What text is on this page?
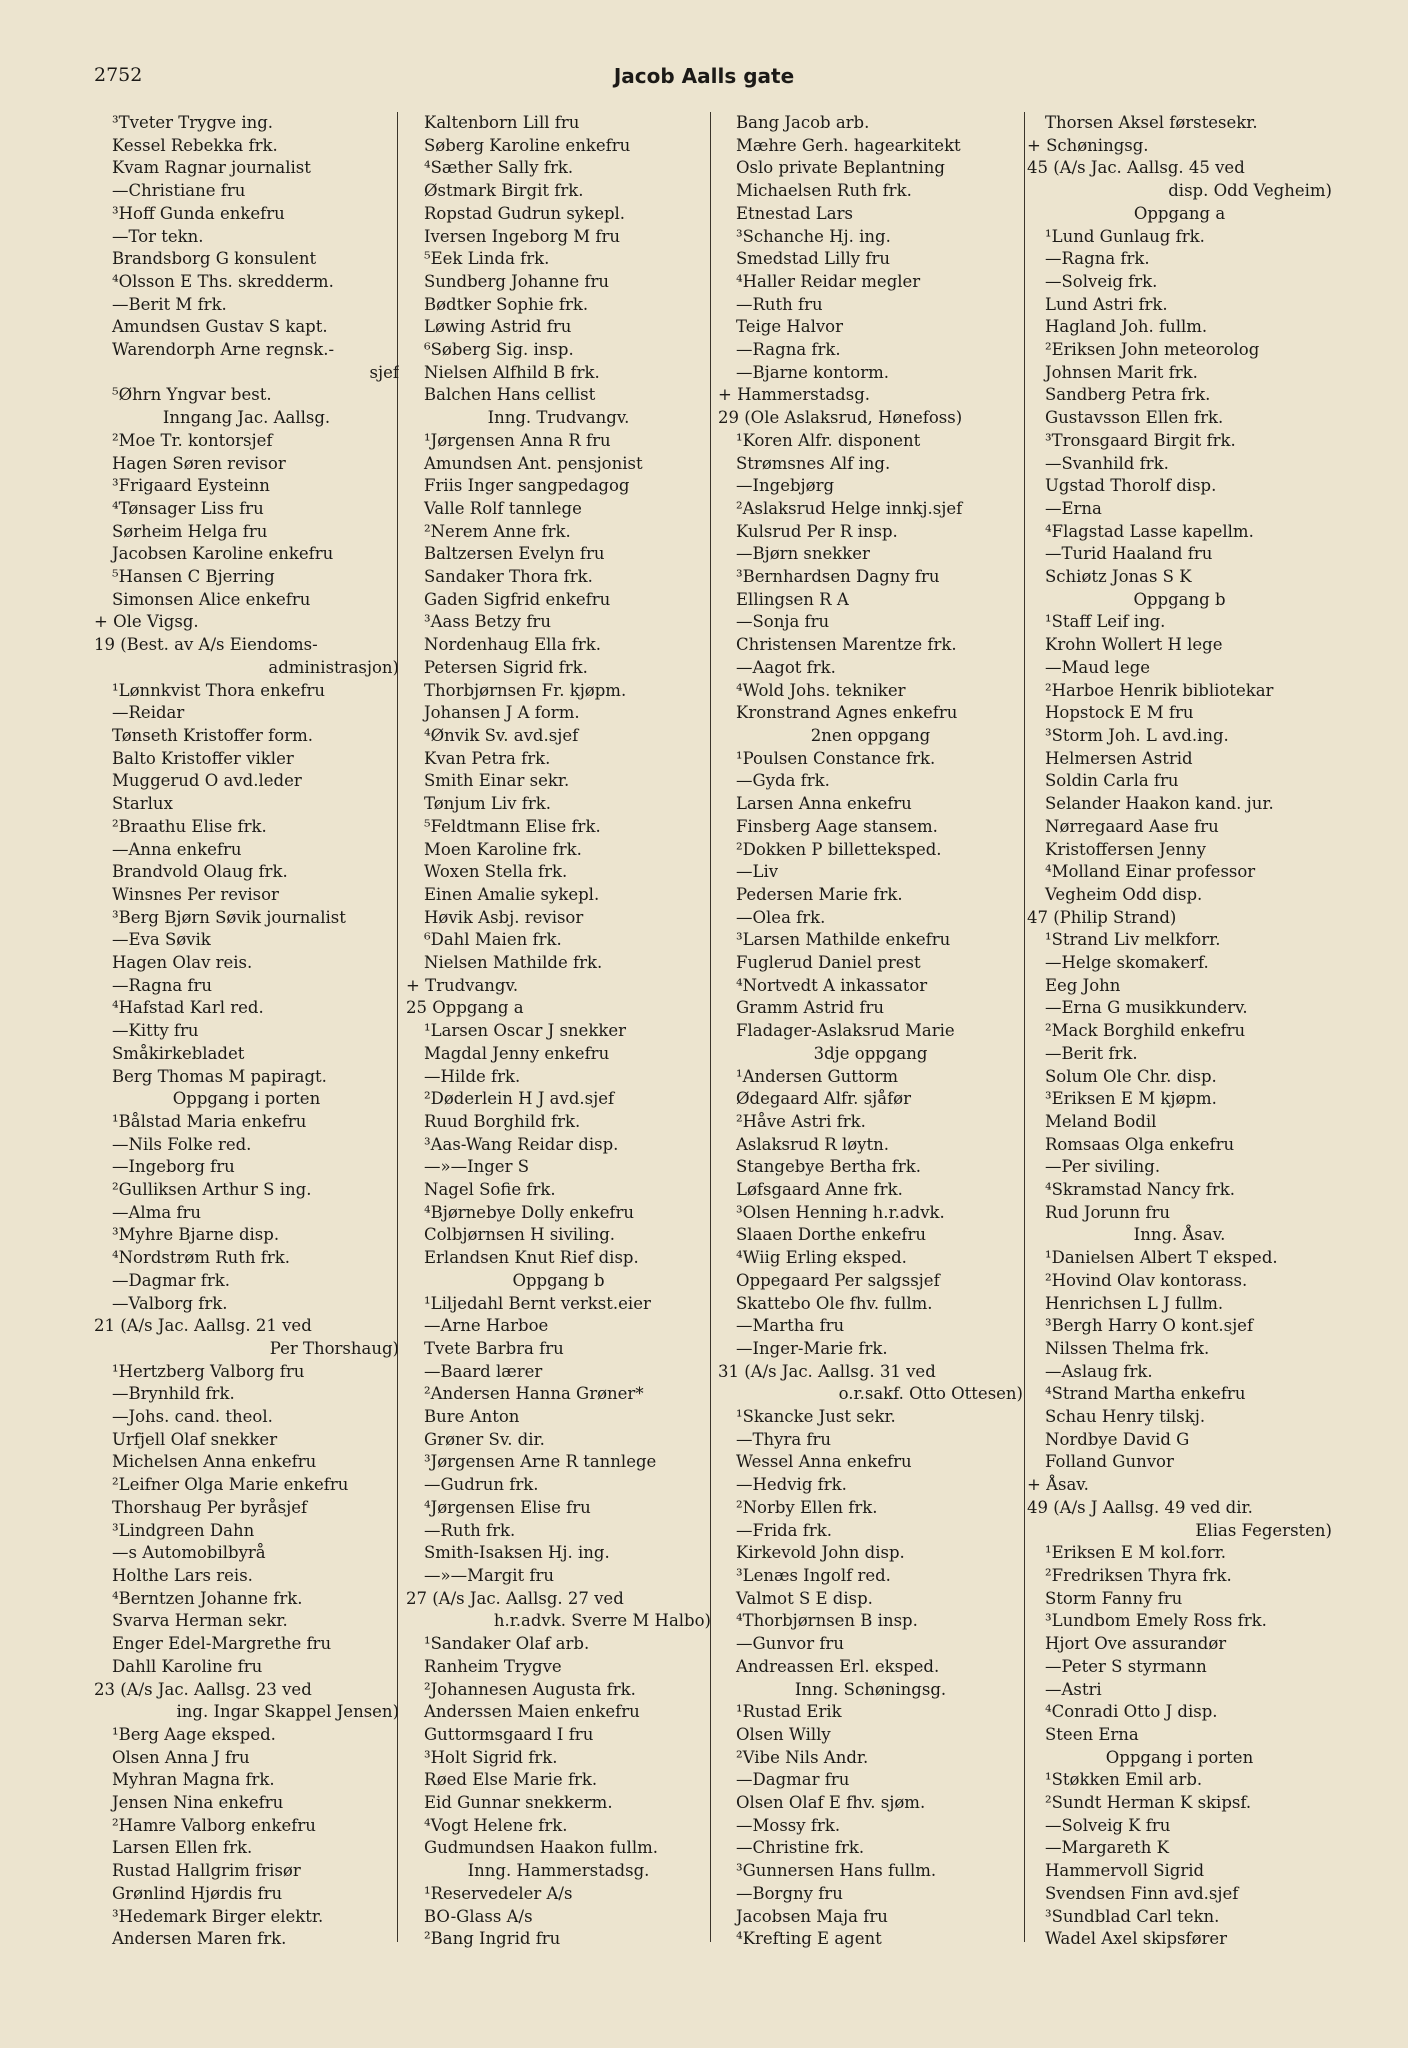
2752	Jacob Aalls gate
³Tveter Trygve ing.
Kessel Rebekka frk.
Kvam Ragnar journalist
—Christiane fru
³Hoff Gunda enkefru
—Tor tekn.
Brandsborg G konsulent
⁴Olsson E Ths. skredderm.
—Berit M frk.
Amundsen Gustav S kapt.
Warendorph Arne regnsk.-
sjef
⁵Øhrn Yngvar best.
Inngang Jac. Aallsg.
²Moe Tr. kontorsjef
Hagen Søren revisor
³Frigaard Eysteinn
⁴Tønsager Liss fru
Sørheim Helga fru
Jacobsen Karoline enkefru
⁵Hansen C Bjerring
Simonsen Alice enkefru
+ Ole Vigsg.
19 (Best. av A/s Eiendoms-
administrasjon)
¹Lønnkvist Thora enkefru
—Reidar
Tønseth Kristoffer form.
Balto Kristoffer vikler
Muggerud O avd.leder
Starlux
²Braathu Elise frk.
—Anna enkefru
Brandvold Olaug frk.
Winsnes Per revisor
³Berg Bjørn Søvik journalist
—Eva Søvik
Hagen Olav reis.
—Ragna fru
⁴Hafstad Karl red.
—Kitty fru
Småkirkebladet
Berg Thomas M papiragt.
Oppgang i porten
¹Bålstad Maria enkefru
—Nils Folke red.
—Ingeborg fru
²Gulliksen Arthur S ing.
—Alma fru
³Myhre Bjarne disp.
⁴Nordstrøm Ruth frk.
—Dagmar frk.
—Valborg frk.
21 (A/s Jac. Aallsg. 21 ved
Per Thorshaug)
¹Hertzberg Valborg fru
—Brynhild frk.
—Johs. cand. theol.
Urfjell Olaf snekker
Michelsen Anna enkefru
²Leifner Olga Marie enkefru
Thorshaug Per byråsjef
³Lindgreen Dahn
—s Automobilbyrå
Holthe Lars reis.
⁴Berntzen Johanne frk.
Svarva Herman sekr.
Enger Edel-Margrethe fru
Dahll Karoline fru
23 (A/s Jac. Aallsg. 23 ved
ing. Ingar Skappel Jensen)
¹Berg Aage eksped.
Olsen Anna J fru
Myhran Magna frk.
Jensen Nina enkefru
²Hamre Valborg enkefru
Larsen Ellen frk.
Rustad Hallgrim frisør
Grønlind Hjørdis fru
³Hedemark Birger elektr.
Andersen Maren frk.
Kaltenborn Lill fru
Søberg Karoline enkefru
⁴Sæther Sally frk.
Østmark Birgit frk.
Ropstad Gudrun sykepl.
Iversen Ingeborg M fru
⁵Eek Linda frk.
Sundberg Johanne fru
Bødtker Sophie frk.
Løwing Astrid fru
⁶Søberg Sig. insp.
Nielsen Alfhild B frk.
Balchen Hans cellist
Inng. Trudvangv.
¹Jørgensen Anna R fru
Amundsen Ant. pensjonist
Friis Inger sangpedagog
Valle Rolf tannlege
²Nerem Anne frk.
Baltzersen Evelyn fru
Sandaker Thora frk.
Gaden Sigfrid enkefru
³Aass Betzy fru
Nordenhaug Ella frk.
Petersen Sigrid frk.
Thorbjørnsen Fr. kjøpm.
Johansen J A form.
⁴Ønvik Sv. avd.sjef
Kvan Petra frk.
Smith Einar sekr.
Tønjum Liv frk.
⁵Feldtmann Elise frk.
Moen Karoline frk.
Woxen Stella frk.
Einen Amalie sykepl.
Høvik Asbj. revisor
⁶Dahl Maien frk.
Nielsen Mathilde frk.
+ Trudvangv.
25 Oppgang a
¹Larsen Oscar J snekker
Magdal Jenny enkefru
—Hilde frk.
²Døderlein H J avd.sjef
Ruud Borghild frk.
³Aas-Wang Reidar disp.
—»—Inger S
Nagel Sofie frk.
⁴Bjørnebye Dolly enkefru
Colbjørnsen H siviling.
Erlandsen Knut Rief disp.
Oppgang b
¹Liljedahl Bernt verkst.eier
—Arne Harboe
Tvete Barbra fru
—Baard lærer
²Andersen Hanna Grøner*
Bure Anton
Grøner Sv. dir.
³Jørgensen Arne R tannlege
—Gudrun frk.
⁴Jørgensen Elise fru
—Ruth frk.
Smith-Isaksen Hj. ing.
—»—Margit fru
27 (A/s Jac. Aallsg. 27 ved
h.r.advk. Sverre M Halbo)
¹Sandaker Olaf arb.
Ranheim Trygve
²Johannesen Augusta frk.
Anderssen Maien enkefru
Guttormsgaard I fru
³Holt Sigrid frk.
Røed Else Marie frk.
Eid Gunnar snekkerm.
⁴Vogt Helene frk.
Gudmundsen Haakon fullm.
Inng. Hammerstadsg.
¹Reservedeler A/s
BO-Glass A/s
²Bang Ingrid fru
Bang Jacob arb.
Mæhre Gerh. hagearkitekt
Oslo private Beplantning
Michaelsen Ruth frk.
Etnestad Lars
³Schanche Hj. ing.
Smedstad Lilly fru
⁴Haller Reidar megler
—Ruth fru
Teige Halvor
—Ragna frk.
—Bjarne kontorm.
+ Hammerstadsg.
29 (Ole Aslaksrud, Hønefoss)
¹Koren Alfr. disponent
Strømsnes Alf ing.
—Ingebjørg
²Aslaksrud Helge innkj.sjef
Kulsrud Per R insp.
—Bjørn snekker
³Bernhardsen Dagny fru
Ellingsen R A
—Sonja fru
Christensen Marentze frk.
—Aagot frk.
⁴Wold Johs. tekniker
Kronstrand Agnes enkefru
2nen oppgang
¹Poulsen Constance frk.
—Gyda frk.
Larsen Anna enkefru
Finsberg Aage stansem.
²Dokken P billetteksped.
—Liv
Pedersen Marie frk.
—Olea frk.
³Larsen Mathilde enkefru
Fuglerud Daniel prest
⁴Nortvedt A inkassator
Gramm Astrid fru
Fladager-Aslaksrud Marie
3dje oppgang
¹Andersen Guttorm
Ødegaard Alfr. sjåfør
²Håve Astri frk.
Aslaksrud R løytn.
Stangebye Bertha frk.
Løfsgaard Anne frk.
³Olsen Henning h.r.advk.
Slaaen Dorthe enkefru
⁴Wiig Erling eksped.
Oppegaard Per salgssjef
Skattebo Ole fhv. fullm.
—Martha fru
—Inger-Marie frk.
31 (A/s Jac. Aallsg. 31 ved
o.r.sakf. Otto Ottesen)
¹Skancke Just sekr.
—Thyra fru
Wessel Anna enkefru
—Hedvig frk.
²Norby Ellen frk.
—Frida frk.
Kirkevold John disp.
³Lenæs Ingolf red.
Valmot S E disp.
⁴Thorbjørnsen B insp.
—Gunvor fru
Andreassen Erl. eksped.
Inng. Schøningsg.
¹Rustad Erik
Olsen Willy
²Vibe Nils Andr.
—Dagmar fru
Olsen Olaf E fhv. sjøm.
—Mossy frk.
—Christine frk.
³Gunnersen Hans fullm.
—Borgny fru
Jacobsen Maja fru
⁴Krefting E agent
Thorsen Aksel førstesekr.
+ Schøningsg.
45 (A/s Jac. Aallsg. 45 ved
disp. Odd Vegheim)
Oppgang a
¹Lund Gunlaug frk.
—Ragna frk.
—Solveig frk.
Lund Astri frk.
Hagland Joh. fullm.
²Eriksen John meteorolog
Johnsen Marit frk.
Sandberg Petra frk.
Gustavsson Ellen frk.
³Tronsgaard Birgit frk.
—Svanhild frk.
Ugstad Thorolf disp.
—Erna
⁴Flagstad Lasse kapellm.
—Turid Haaland fru
Schiøtz Jonas S K
Oppgang b
¹Staff Leif ing.
Krohn Wollert H lege
—Maud lege
²Harboe Henrik bibliotekar
Hopstock E M fru
³Storm Joh. L avd.ing.
Helmersen Astrid
Soldin Carla fru
Selander Haakon kand. jur.
Nørregaard Aase fru
Kristoffersen Jenny
⁴Molland Einar professor
Vegheim Odd disp.
47 (Philip Strand)
¹Strand Liv melkforr.
—Helge skomakerf.
Eeg John
—Erna G musikkunderv.
²Mack Borghild enkefru
—Berit frk.
Solum Ole Chr. disp.
³Eriksen E M kjøpm.
Meland Bodil
Romsaas Olga enkefru
—Per siviling.
⁴Skramstad Nancy frk.
Rud Jorunn fru
Inng. Åsav.
¹Danielsen Albert T eksped.
²Hovind Olav kontorass.
Henrichsen L J fullm.
³Bergh Harry O kont.sjef
Nilssen Thelma frk.
—Aslaug frk.
⁴Strand Martha enkefru
Schau Henry tilskj.
Nordbye David G
Folland Gunvor
+ Åsav.
49 (A/s J Aallsg. 49 ved dir.
Elias Fegersten)
¹Eriksen E M kol.forr.
²Fredriksen Thyra frk.
Storm Fanny fru
³Lundbom Emely Ross frk.
Hjort Ove assurandør
—Peter S styrmann
—Astri
⁴Conradi Otto J disp.
Steen Erna
Oppgang i porten
¹Støkken Emil arb.
²Sundt Herman K skipsf.
—Solveig K fru
—Margareth K
Hammervoll Sigrid
Svendsen Finn avd.sjef
³Sundblad Carl tekn.
Wadel Axel skipsfører
